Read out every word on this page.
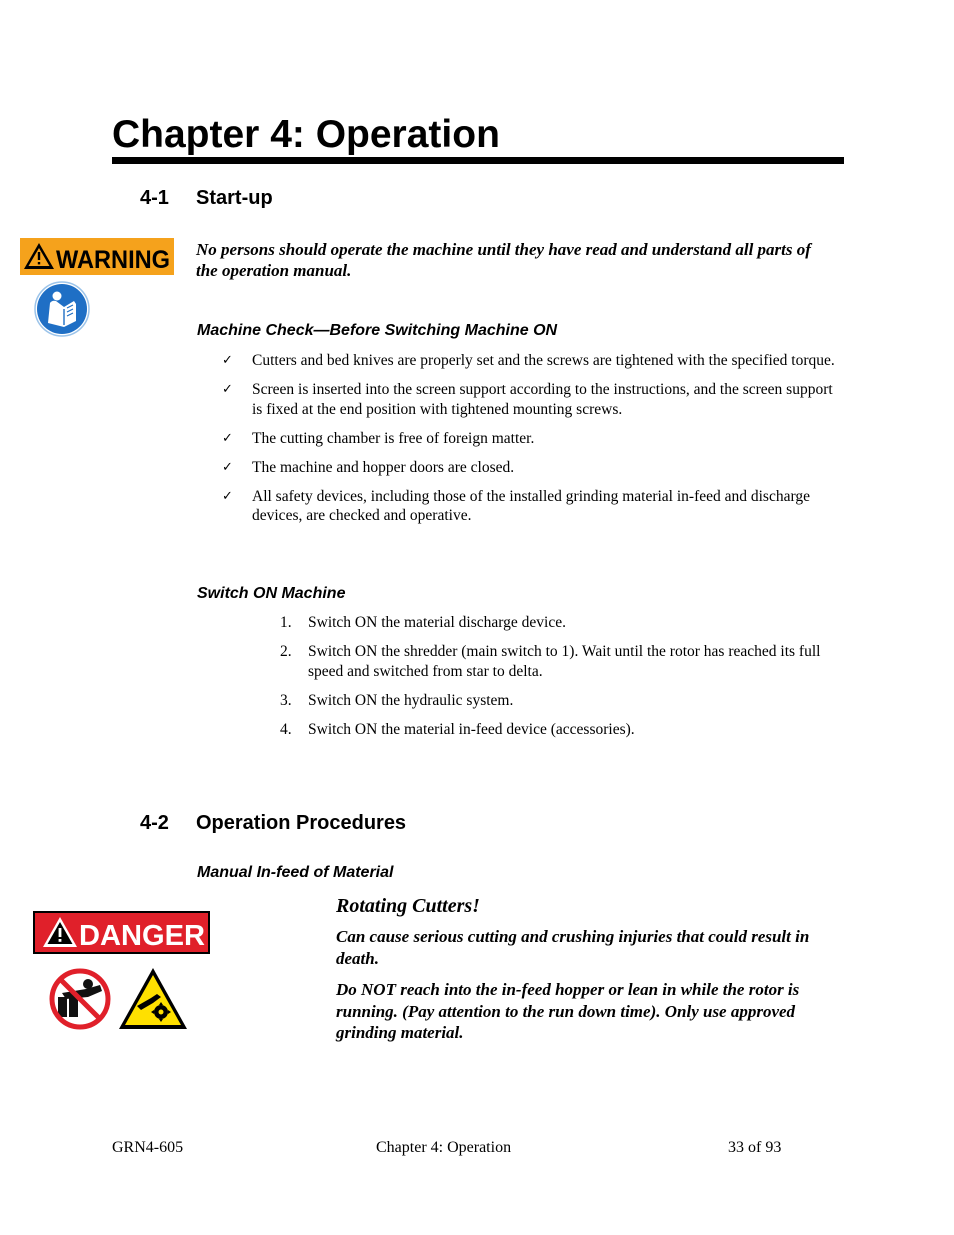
Chapter 4: Operation
4-1 Start-up
WARNING No persons should operate the machine until they have read and understand all parts of the operation manual.

Machine Check—Before Switching Machine ON
✓ Cutters and bed knives are properly set and the screws are tightened with the specified torque.
✓ Screen is inserted into the screen support according to the instructions, and the screen support is fixed at the end position with tightened mounting screws.
✓ The cutting chamber is free of foreign matter.
✓ The machine and hopper doors are closed.
✓ All safety devices, including those of the installed grinding material in-feed and discharge devices, are checked and operative.
Switch ON Machine
1. Switch ON the material discharge device.
2. Switch ON the shredder (main switch to 1). Wait until the rotor has reached its full speed and switched from star to delta.
3. Switch ON the hydraulic system.
4. Switch ON the material in-feed device (accessories).
4-2 Operation Procedures
Manual In-feed of Material
DANGER

Rotating Cutters!

Can cause serious cutting and crushing injuries that could result in death.

Do NOT reach into the in-feed hopper or lean in while the rotor is running. (Pay attention to the run down time). Only use approved grinding material.

GRN4-605	Chapter 4: Operation	33 of 93
